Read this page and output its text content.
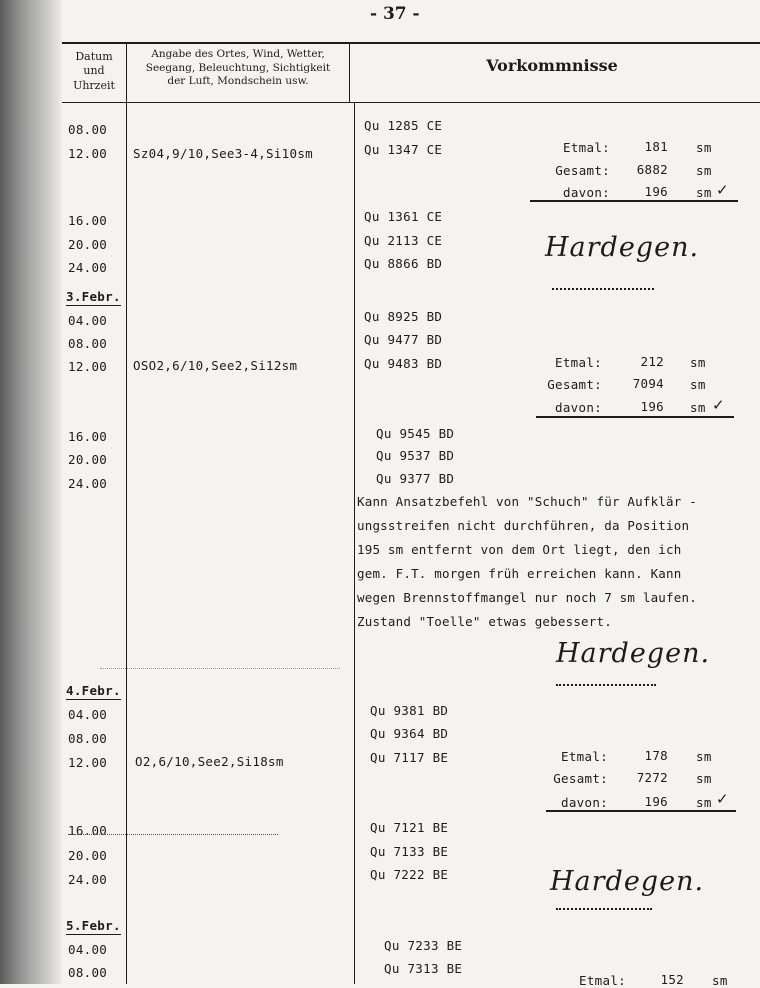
- 37 -
Datum
und
Uhrzeit
Angabe des Ortes, Wind, Wetter,
Seegang, Beleuchtung, Sichtigkeit
der Luft, Mondschein usw.
Vorkommnisse
08.00	Qu 1285 CE
12.00 Sz04,9/10,See3-4,Si10sm	Qu 1347 CE	Etmal:	181 sm
Gesamt:	6882 sm
davon:	196 sm ✓
16.00	Qu 1361 CE
20.00	Qu 2113 CE
24.00	Qu 8866 BD
Hardegen.
3.Febr.
04.00	Qu 8925 BD
08.00	Qu 9477 BD
12.00 OSO2,6/10,See2,Si12sm	Qu 9483 BD	Etmal:	212 sm
Gesamt:	7094 sm
davon:	196 sm ✓
16.00	Qu 9545 BD
20.00	Qu 9537 BD
24.00	Qu 9377 BD
Kann Ansatzbefehl von "Schuch" für Aufklär -
ungsstreifen nicht durchführen, da Position
195 sm entfernt von dem Ort liegt, den ich
gem. F.T. morgen früh erreichen kann. Kann
wegen Brennstoffmangel nur noch 7 sm laufen.
Zustand "Toelle" etwas gebessert.
Hardegen.
4.Febr.
04.00	Qu 9381 BD
08.00	Qu 9364 BD
12.00 O2,6/10,See2,Si18sm	Qu 7117 BE	Etmal:	178 sm
Gesamt:	7272 sm
davon:	196 sm ✓
16.00	Qu 7121 BE
20.00	Qu 7133 BE
24.00	Qu 7222 BE	Hardegen.
5.Febr.
04.00	Qu 7233 BE
08.00	Qu 7313 BE
Etmal:	152 sm
